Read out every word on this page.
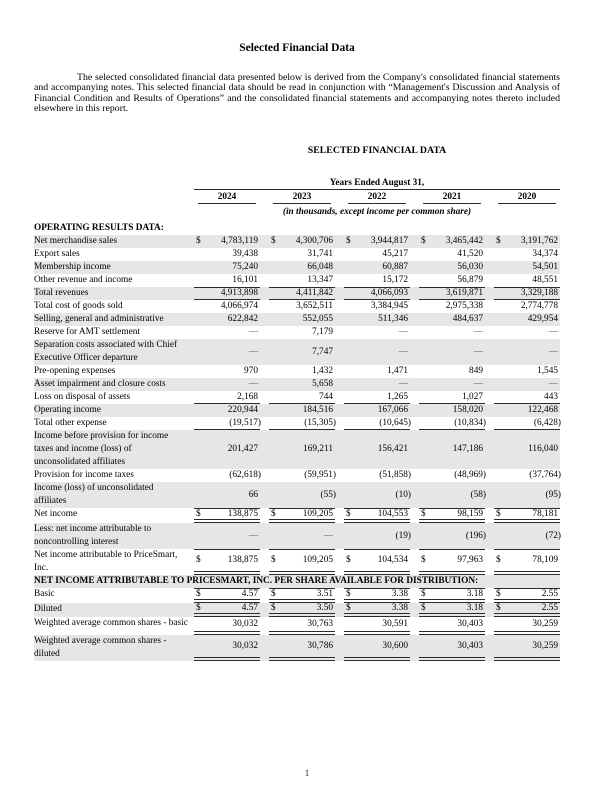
Selected Financial Data

The selected consolidated financial data presented below is derived from the Company's consolidated financial statements and accompanying notes. This selected financial data should be read in conjunction with “Management's Discussion and Analysis of Financial Condition and Results of Operations” and the consolidated financial statements and accompanying notes thereto included elsewhere in this report.

SELECTED FINANCIAL DATA
Years Ended August 31,
2024	2023	2022	2021	2020
(in thousands, except income per common share)
OPERATING RESULTS DATA:
Net merchandise sales	$ 4,783,119 $ 4,300,706 $ 3,944,817 $ 3,465,442 $ 3,191,762
Export sales	39,438	31,741	45,217	41,520	34,374
Membership income	75,240	66,048	60,887	56,030	54,501
Other revenue and income	16,101	13,347	15,172	56,879	48,551
Total revenues	4,913,898	4,411,842	4,066,093	3,619,871	3,329,188
Total cost of goods sold	4,066,974	3,652,511	3,384,945	2,975,338	2,774,778
Selling, general and administrative	622,842	552,055	511,346	484,637	429,954
Reserve for AMT settlement	—	7,179	—	—	—
Separation costs associated with Chief Executive Officer departure
—	7,747	—	—	—
Pre-opening expenses	970	1,432	1,471	849	1,545
Asset impairment and closure costs	—	5,658	—	—	—
Loss on disposal of assets	2,168	744	1,265	1,027	443
Operating income	220,944	184,516	167,066	158,020	122,468
Total other expense	(19,517)	(15,305)	(10,645)	(10,834)	(6,428)
Income before provision for income taxes and income (loss) of unconsolidated affiliates
201,427	169,211	156,421	147,186	116,040
Provision for income taxes	(62,618)	(59,951)	(51,858)	(48,969)	(37,764)
Income (loss) of unconsolidated affiliates
66	(55)	(10)	(58)	(95)
Net income	$	138,875 $	109,205 $	104,553 $	98,159 $	78,181
Less: net income attributable to noncontrolling interest
—	—	(19)	(196)	(72)
Net income attributable to PriceSmart, Inc.
$	138,875 $	109,205 $	104,534 $	97,963 $	78,109
NET INCOME ATTRIBUTABLE TO PRICESMART, INC. PER SHARE AVAILABLE FOR DISTRIBUTION:
Basic	$	4.57 $	3.51 $	3.38 $	3.18 $	2.55
Diluted	$	4.57 $	3.50 $	3.38 $	3.18 $	2.55
Weighted average common shares - basic	30,032	30,763	30,591	30,403	30,259
Weighted average common shares - diluted
30,032	30,786	30,600	30,403	30,259
1
